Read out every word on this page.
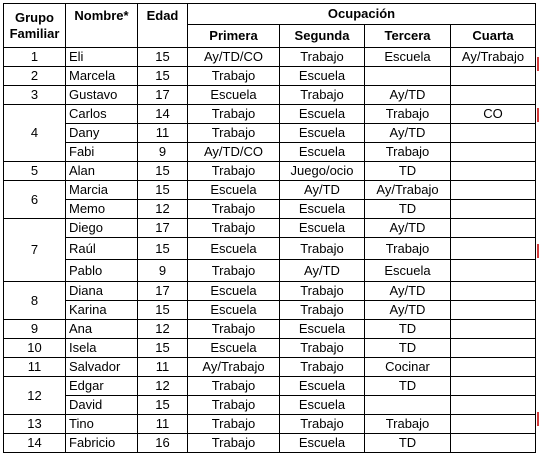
Grupo
Familiar	Nombre*	Edad	Ocupación			
			Primera	Segunda	Tercera	Cuarta
1	Eli	15	Ay/TD/CO	Trabajo	Escuela	Ay/Trabajo
2	Marcela	15	Trabajo	Escuela		
3	Gustavo	17	Escuela	Trabajo	Ay/TD	
4	Carlos	14	Trabajo	Escuela	Trabajo	CO
	Dany	11	Trabajo	Escuela	Ay/TD	
	Fabi	9	Ay/TD/CO	Escuela	Trabajo	
5	Alan	15	Trabajo	Juego/ocio	TD	
6	Marcia	15	Escuela	Ay/TD	Ay/Trabajo	
	Memo	12	Trabajo	Escuela	TD	
7	Diego	17	Trabajo	Escuela	Ay/TD	
	Raúl	15	Escuela	Trabajo	Trabajo	
	Pablo	9	Trabajo	Ay/TD	Escuela	
8	Diana	17	Escuela	Trabajo	Ay/TD	
	Karina	15	Escuela	Trabajo	Ay/TD	
9	Ana	12	Trabajo	Escuela	TD	
10	Isela	15	Escuela	Trabajo	TD	
11	Salvador	11	Ay/Trabajo	Trabajo	Cocinar	
12	Edgar	12	Trabajo	Escuela	TD	
	David	15	Trabajo	Escuela		
13	Tino	11	Trabajo	Trabajo	Trabajo	
14	Fabricio	16	Trabajo	Escuela	TD	
